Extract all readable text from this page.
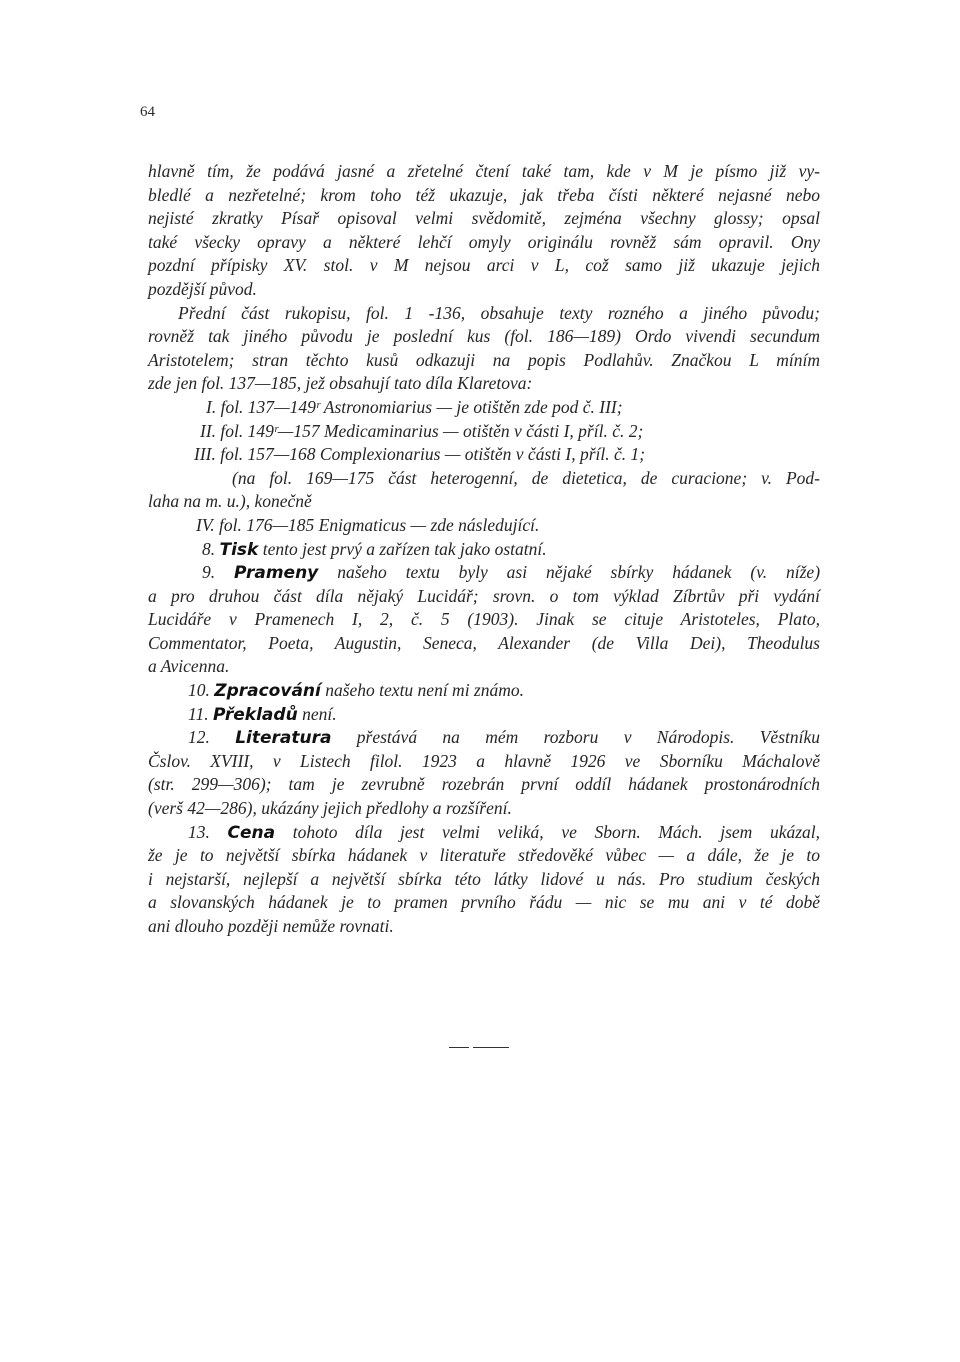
64
hlavně tím, že podává jasné a zřetelné čtení také tam, kde v M je písmo již vy-
bledlé a nezřetelné; krom toho též ukazuje, jak třeba čísti některé nejasné nebo
nejisté zkratky Písař opisoval velmi svědomitě, zejména všechny glossy; opsal
také všecky opravy a některé lehčí omyly originálu rovněž sám opravil. Ony
pozdní přípisky XV. stol. v M nejsou arci v L, což samo již ukazuje jejich
pozdější původ.
Přední část rukopisu, fol. 1 -136, obsahuje texty rozného a jiného původu;
rovněž tak jiného původu je poslední kus (fol. 186—189) Ordo vivendi secundum
Aristotelem; stran těchto kusů odkazuji na popis Podlahův. Značkou L míním
zde jen fol. 137—185, jež obsahují tato díla Klaretova:
I. fol. 137—149ʳ Astronomiarius — je otištěn zde pod č. III;
II. fol. 149ʳ—157 Medicaminarius — otištěn v části I, příl. č. 2;
III. fol. 157—168 Complexionarius — otištěn v části I, příl. č. 1;
(na fol. 169—175 část heterogenní, de dietetica, de curacione; v. Pod-
laha na m. u.), konečně
IV. fol. 176—185 Enigmaticus — zde následující.
8. Tisk tento jest prvý a zařízen tak jako ostatní.
9. Prameny našeho textu byly asi nějaké sbírky hádanek (v. níže)
a pro druhou část díla nějaký Lucidář; srovn. o tom výklad Zíbrtův při vydání
Lucidáře v Pramenech I, 2, č. 5 (1903). Jinak se cituje Aristoteles, Plato,
Commentator, Poeta, Augustin, Seneca, Alexander (de Villa Dei), Theodulus
a Avicenna.
10. Zpracování našeho textu není mi známo.
11. Překladů není.
12. Literatura přestává na mém rozboru v Národopis. Věstníku
Čslov. XVIII, v Listech filol. 1923 a hlavně 1926 ve Sborníku Máchalově
(str. 299—306); tam je zevrubně rozebrán první oddíl hádanek prostonárodních
(verš 42—286), ukázány jejich předlohy a rozšíření.
13. Cena tohoto díla jest velmi veliká, ve Sborn. Mách. jsem ukázal,
že je to největší sbírka hádanek v literatuře středověké vůbec — a dále, že je to
i nejstarší, nejlepší a největší sbírka této látky lidové u nás. Pro studium českých
a slovanských hádanek je to pramen prvního řádu — nic se mu ani v té době
ani dlouho později nemůže rovnati.
